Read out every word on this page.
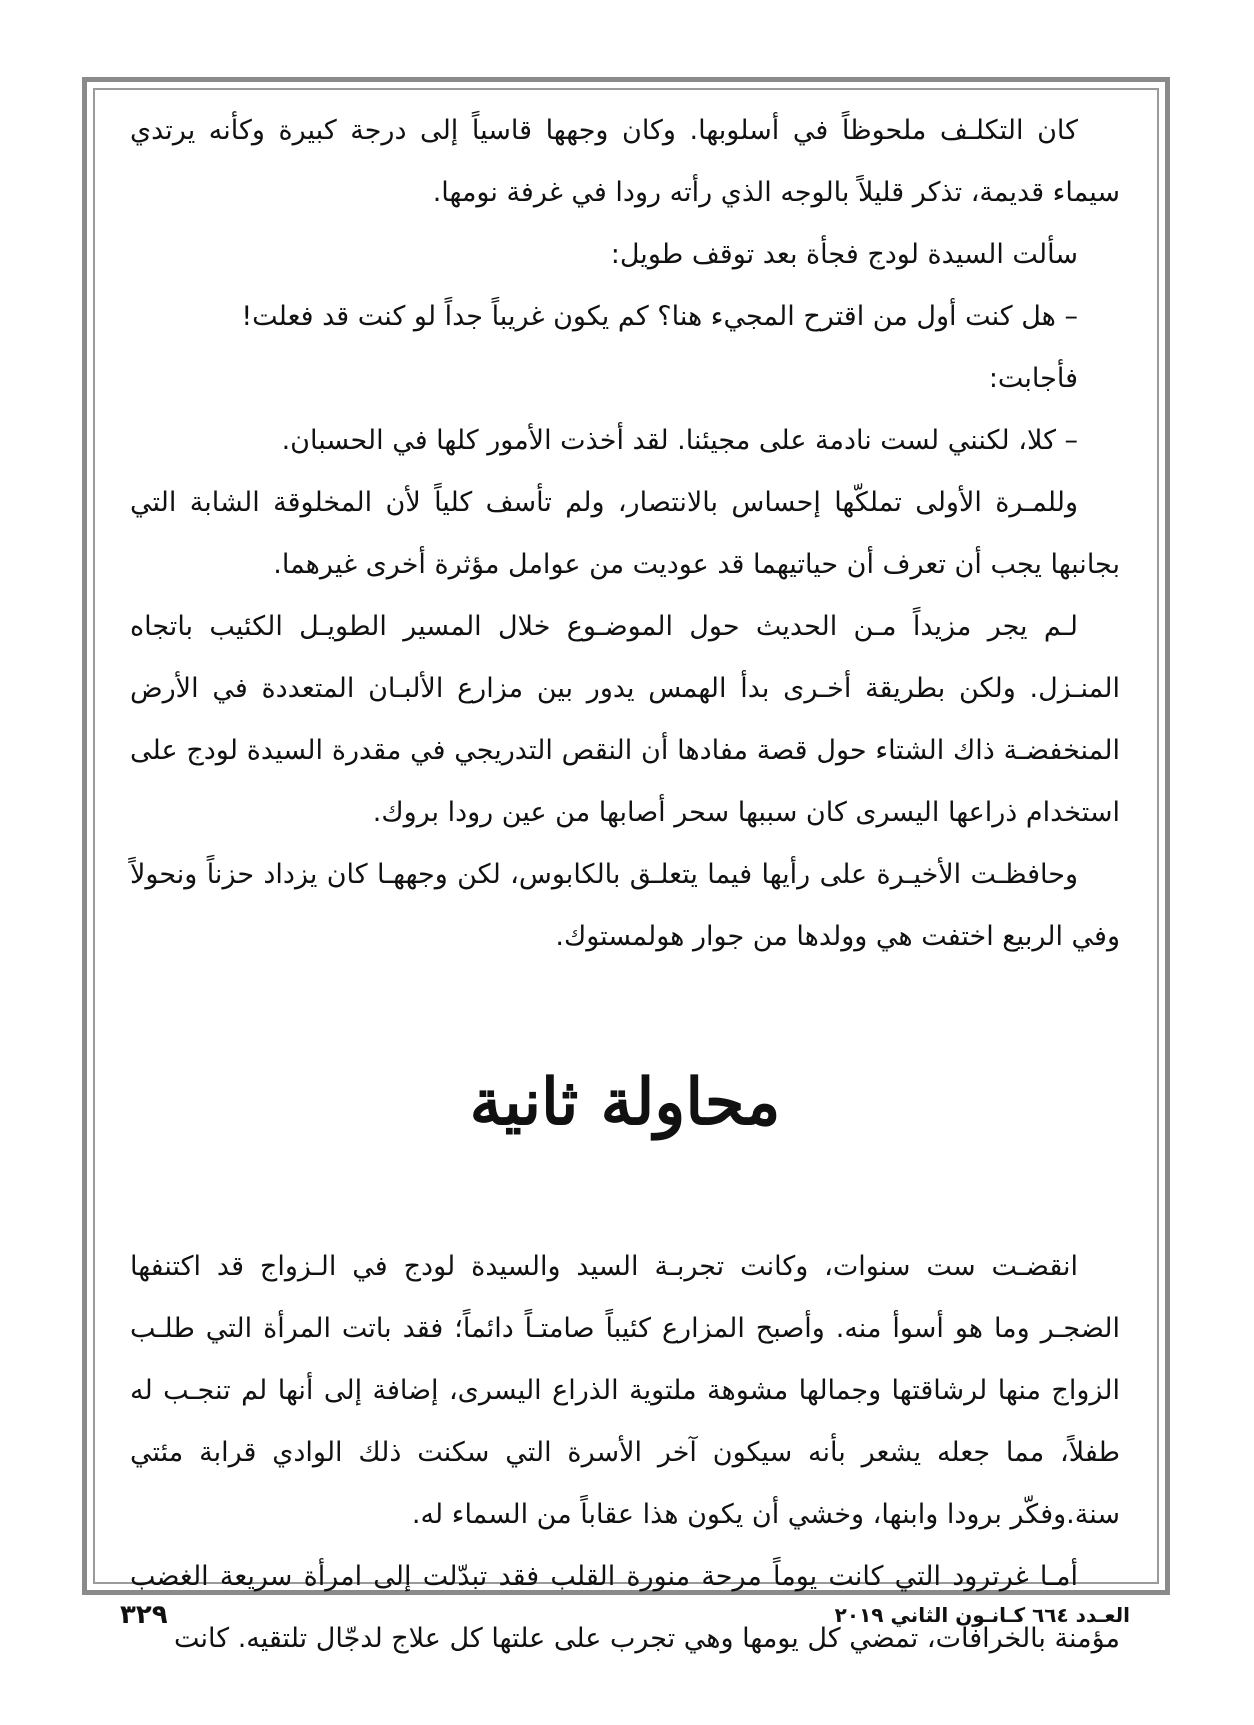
كان التكلـف ملحوظاً في أسلوبها. وكان وجهها قاسياً إلى درجة كبيرة وكأنه يرتدي سيماء قديمة، تذكر قليلاً بالوجه الذي رأته رودا في غرفة نومها.

سألت السيدة لودج فجأة بعد توقف طويل:

– هل كنت أول من اقترح المجيء هنا؟ كم يكون غريباً جداً لو كنت قد فعلت!

فأجابت:

– كلا، لكنني لست نادمة على مجيئنا. لقد أخذت الأمور كلها في الحسبان.

وللمـرة الأولى تملكّها إحساس بالانتصار، ولم تأسف كلياً لأن المخلوقة الشابة التي بجانبها يجب أن تعرف أن حياتيهما قد عوديت من عوامل مؤثرة أخرى غيرهما.

لـم يجر مزيداً مـن الحديث حول الموضـوع خلال المسير الطويـل الكئيب باتجاه المنـزل. ولكن بطريقة أخـرى بدأ الهمس يدور بين مزارع الألبـان المتعددة في الأرض المنخفضـة ذاك الشتاء حول قصة مفادها أن النقص التدريجي في مقدرة السيدة لودج على استخدام ذراعها اليسرى كان سببها سحر أصابها من عين رودا بروك.

وحافظـت الأخيـرة على رأيها فيما يتعلـق بالكابوس، لكن وجههـا كان يزداد حزناً ونحولاً وفي الربيع اختفت هي وولدها من جوار هولمستوك.

محاولة ثانية

انقضـت ست سنوات، وكانت تجربـة السيد والسيدة لودج في الـزواج قد اكتنفها الضجـر وما هو أسوأ منه. وأصبح المزارع كئيباً صامتـاً دائماً؛ فقد باتت المرأة التي طلـب الزواج منها لرشاقتها وجمالها مشوهة ملتوية الذراع اليسرى، إضافة إلى أنها لم تنجـب له طفلاً، مما جعله يشعر بأنه سيكون آخر الأسرة التي سكنت ذلك الوادي قرابة مئتي سنة.وفكّر برودا وابنها، وخشي أن يكون هذا عقاباً من السماء له.

أمـا غرترود التي كانت يوماً مرحة منورة القلب فقد تبدّلت إلى امرأة سريعة الغضب مؤمنة بالخرافات، تمضي كل يومها وهي تجرب على علتها كل علاج لدجّال تلتقيه. كانت

٣٢٩	العـدد ٦٦٤ كـانـون الثاني ٢٠١٩
